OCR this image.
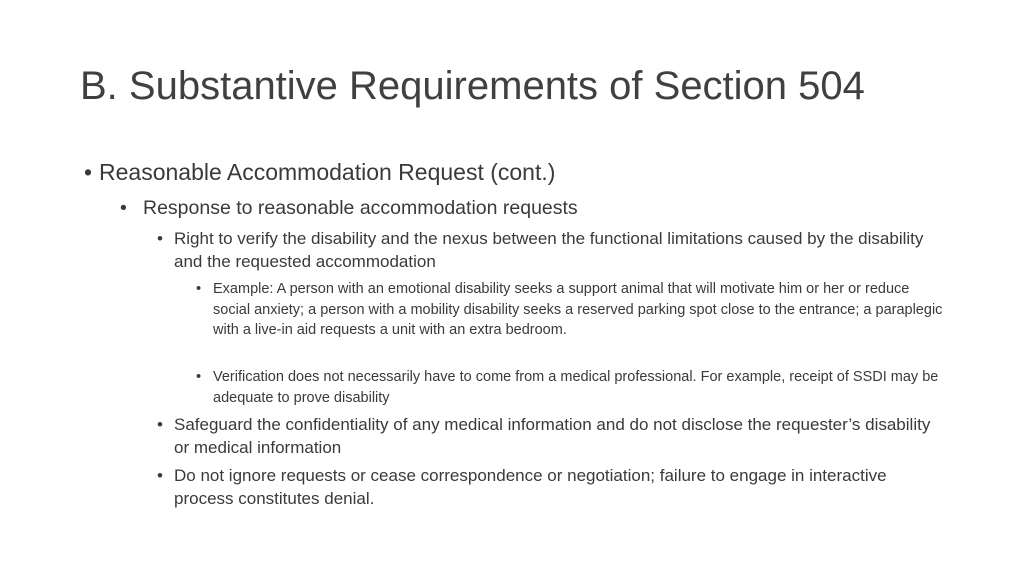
B. Substantive Requirements of Section 504
• Reasonable Accommodation Request (cont.)
• Response to reasonable accommodation requests
• Right to verify the disability and the nexus between the functional limitations caused by the disability and the requested accommodation
• Example: A person with an emotional disability seeks a support animal that will motivate him or her or reduce social anxiety; a person with a mobility disability seeks a reserved parking spot close to the entrance; a paraplegic with a live-in aid requests a unit with an extra bedroom.
• Verification does not necessarily have to come from a medical professional. For example, receipt of SSDI may be adequate to prove disability
• Safeguard the confidentiality of any medical information and do not disclose the requester’s disability or medical information
• Do not ignore requests or cease correspondence or negotiation; failure to engage in interactive process constitutes denial.
